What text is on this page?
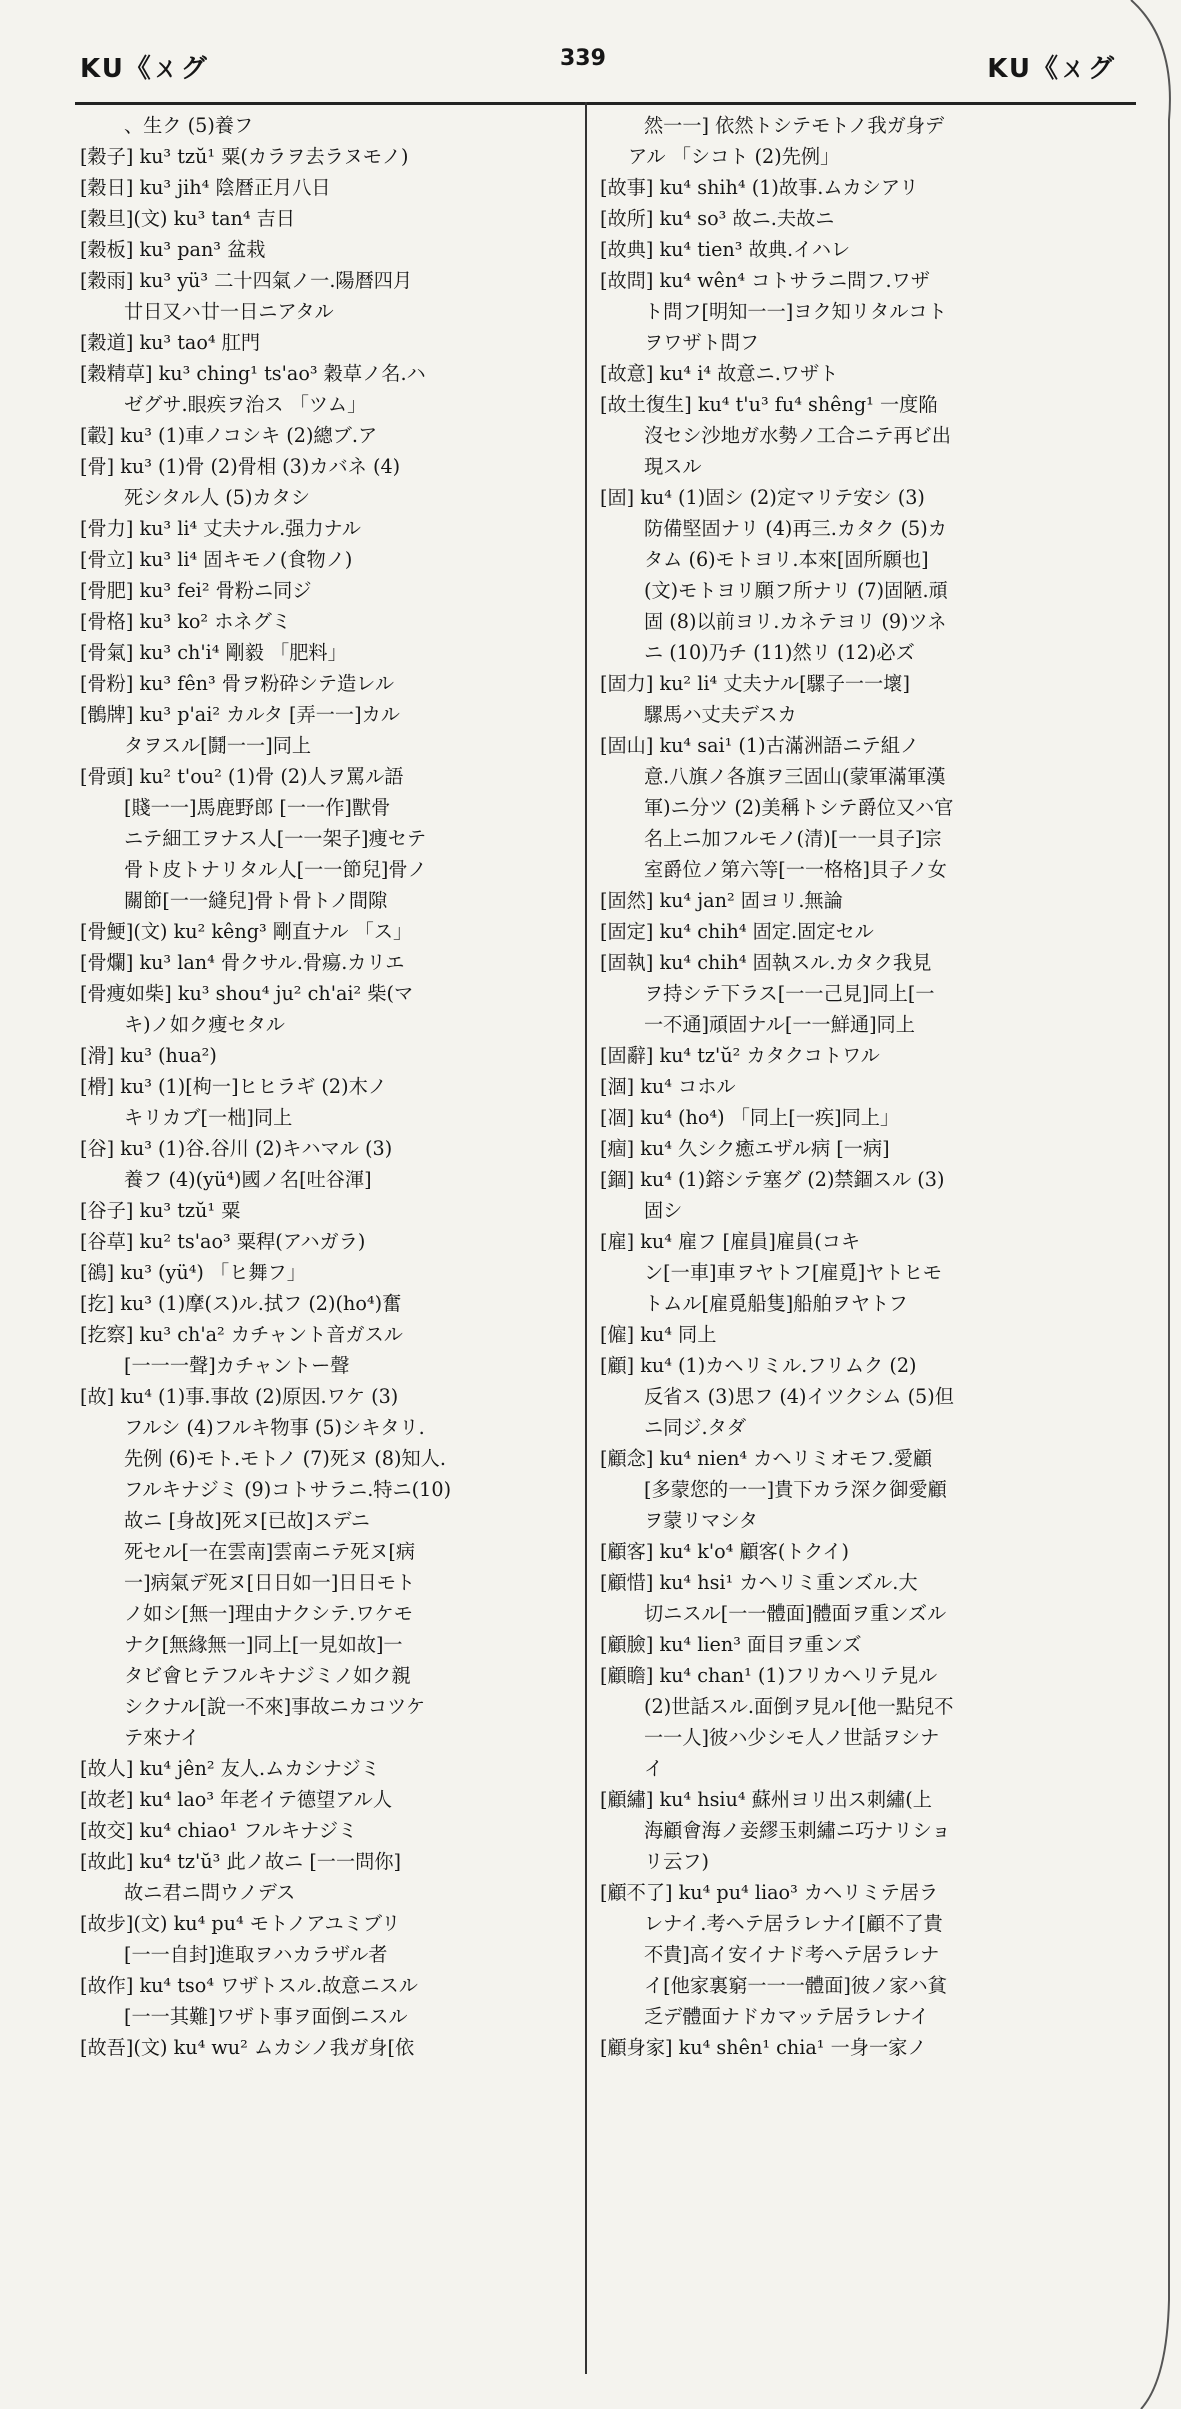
KU《ㄨグ	339	KU《ㄨグ
、生ク (5)養フ
[穀子] ku³ tzŭ¹ 粟(カラヲ去ラヌモノ)
[穀日] ku³ jih⁴ 陰暦正月八日
[穀旦](文) ku³ tan⁴ 吉日
[穀板] ku³ pan³ 盆栽
[穀雨] ku³ yü³ 二十四氣ノ一.陽暦四月
廿日又ハ廿一日ニアタル
[穀道] ku³ tao⁴ 肛門
[穀精草] ku³ ching¹ ts'ao³ 穀草ノ名.ハ
ゼグサ.眼疾ヲ治ス 「ツム」
[轂] ku³ (1)車ノコシキ (2)總ブ.ア
[骨] ku³ (1)骨 (2)骨相 (3)カバネ (4)
死シタル人 (5)カタシ
[骨力] ku³ li⁴ 丈夫ナル.强力ナル
[骨立] ku³ li⁴ 固キモノ(食物ノ)
[骨肥] ku³ fei² 骨粉ニ同ジ
[骨格] ku³ ko² ホネグミ
[骨氣] ku³ ch'i⁴ 剛毅 「肥料」
[骨粉] ku³ fên³ 骨ヲ粉砕シテ造レル
[鶻牌] ku³ p'ai² カルタ [弄一一]カル
タヲスル[鬪一一]同上
[骨頭] ku² t'ou² (1)骨 (2)人ヲ罵ル語
[賤一一]馬鹿野郎 [一一作]獸骨
ニテ細工ヲナス人[一一架子]痩セテ
骨ト皮トナリタル人[一一節兒]骨ノ
關節[一一縫兒]骨ト骨トノ間隙
[骨鯁](文) ku² kêng³ 剛直ナル 「ス」
[骨爛] ku³ lan⁴ 骨クサル.骨瘍.カリエ
[骨痩如柴] ku³ shou⁴ ju² ch'ai² 柴(マ
キ)ノ如ク痩セタル
[滑] ku³ (hua²)
[榾] ku³ (1)[枸一]ヒヒラギ (2)木ノ
キリカブ[一柮]同上
[谷] ku³ (1)谷.谷川 (2)キハマル (3)
養フ (4)(yü⁴)國ノ名[吐谷渾]
[谷子] ku³ tzŭ¹ 粟
[谷草] ku² ts'ao³ 粟稈(アハガラ)
[鵒] ku³ (yü⁴) 「ヒ舞フ」
[扢] ku³ (1)摩(ス)ル.拭フ (2)(ho⁴)奮
[扢察] ku³ ch'a² カチャント音ガスル
[一一一聲]カチャントー聲
[故] ku⁴ (1)事.事故 (2)原因.ワケ (3)
フルシ (4)フルキ物事 (5)シキタリ.
先例 (6)モト.モトノ (7)死ヌ (8)知人.
フルキナジミ (9)コトサラニ.特ニ(10)
故ニ [身故]死ヌ[已故]スデニ
死セル[一在雲南]雲南ニテ死ヌ[病
一]病氣デ死ヌ[日日如一]日日モト
ノ如シ[無一]理由ナクシテ.ワケモ
ナク[無緣無一]同上[一見如故]一
タビ會ヒテフルキナジミノ如ク親
シクナル[說一不來]事故ニカコツケ
テ來ナイ
[故人] ku⁴ jên² 友人.ムカシナジミ
[故老] ku⁴ lao³ 年老イテ德望アル人
[故交] ku⁴ chiao¹ フルキナジミ
[故此] ku⁴ tz'ŭ³ 此ノ故ニ [一一問你]
故ニ君ニ問ウノデス
[故步](文) ku⁴ pu⁴ モトノアユミブリ
[一一自封]進取ヲハカラザル者
[故作] ku⁴ tso⁴ ワザトスル.故意ニスル
[一一其難]ワザト事ヲ面倒ニスル
[故吾](文) ku⁴ wu² ムカシノ我ガ身[依
然一一] 依然トシテモトノ我ガ身デ
アル 「シコト (2)先例」
[故事] ku⁴ shih⁴ (1)故事.ムカシアリ
[故所] ku⁴ so³ 故ニ.夫故ニ
[故典] ku⁴ tien³ 故典.イハレ
[故問] ku⁴ wên⁴ コトサラニ問フ.ワザ
ト問フ[明知一一]ヨク知リタルコト
ヲワザト問フ
[故意] ku⁴ i⁴ 故意ニ.ワザト
[故土復生] ku⁴ t'u³ fu⁴ shêng¹ 一度陥
沒セシ沙地ガ水勢ノ工合ニテ再ビ出
現スル
[固] ku⁴ (1)固シ (2)定マリテ安シ (3)
防備堅固ナリ (4)再三.カタク (5)カ
タム (6)モトヨリ.本來[固所願也]
(文)モトヨリ願フ所ナリ (7)固陋.頑
固 (8)以前ヨリ.カネテヨリ (9)ツネ
ニ (10)乃チ (11)然リ (12)必ズ
[固力] ku² li⁴ 丈夫ナル[騾子一一壞]
騾馬ハ丈夫デスカ
[固山] ku⁴ sai¹ (1)古滿洲語ニテ組ノ
意.八旗ノ各旗ヲ三固山(蒙軍滿軍漢
軍)ニ分ツ (2)美稱トシテ爵位又ハ官
名上ニ加フルモノ(清)[一一貝子]宗
室爵位ノ第六等[一一格格]貝子ノ女
[固然] ku⁴ jan² 固ヨリ.無論
[固定] ku⁴ chih⁴ 固定.固定セル
[固執] ku⁴ chih⁴ 固執スル.カタク我見
ヲ持シテ下ラス[一一己見]同上[一
一不通]頑固ナル[一一鮮通]同上
[固辭] ku⁴ tz'ŭ² カタクコトワル
[涸] ku⁴ コホル
[凅] ku⁴ (ho⁴) 「同上[一疾]同上」
[痼] ku⁴ 久シク癒エザル病 [一病]
[錮] ku⁴ (1)鎔シテ塞グ (2)禁錮スル (3)
固シ
[雇] ku⁴ 雇フ [雇員]雇員(コキ
ン[一車]車ヲヤトフ[雇覓]ヤトヒモ
トムル[雇覓船隻]船舶ヲヤトフ
[僱] ku⁴ 同上
[顧] ku⁴ (1)カヘリミル.フリムク (2)
反省ス (3)思フ (4)イツクシム (5)但
ニ同ジ.タダ
[顧念] ku⁴ nien⁴ カヘリミオモフ.愛顧
[多蒙您的一一]貴下カラ深ク御愛顧
ヲ蒙リマシタ
[顧客] ku⁴ k'o⁴ 顧客(トクイ)
[顧惜] ku⁴ hsi¹ カヘリミ重ンズル.大
切ニスル[一一體面]體面ヲ重ンズル
[顧臉] ku⁴ lien³ 面目ヲ重ンズ
[顧瞻] ku⁴ chan¹ (1)フリカヘリテ見ル
(2)世話スル.面倒ヲ見ル[他一點兒不
一一人]彼ハ少シモ人ノ世話ヲシナ
イ
[顧繡] ku⁴ hsiu⁴ 蘇州ヨリ出ス刺繡(上
海顧會海ノ妾繆玉刺繡ニ巧ナリショ
リ云フ)
[顧不了] ku⁴ pu⁴ liao³ カヘリミテ居ラ
レナイ.考ヘテ居ラレナイ[顧不了貴
不貴]高イ安イナド考ヘテ居ラレナ
イ[他家裏窮一一一體面]彼ノ家ハ貧
乏デ體面ナドカマッテ居ラレナイ
[顧身家] ku⁴ shên¹ chia¹ 一身一家ノ
